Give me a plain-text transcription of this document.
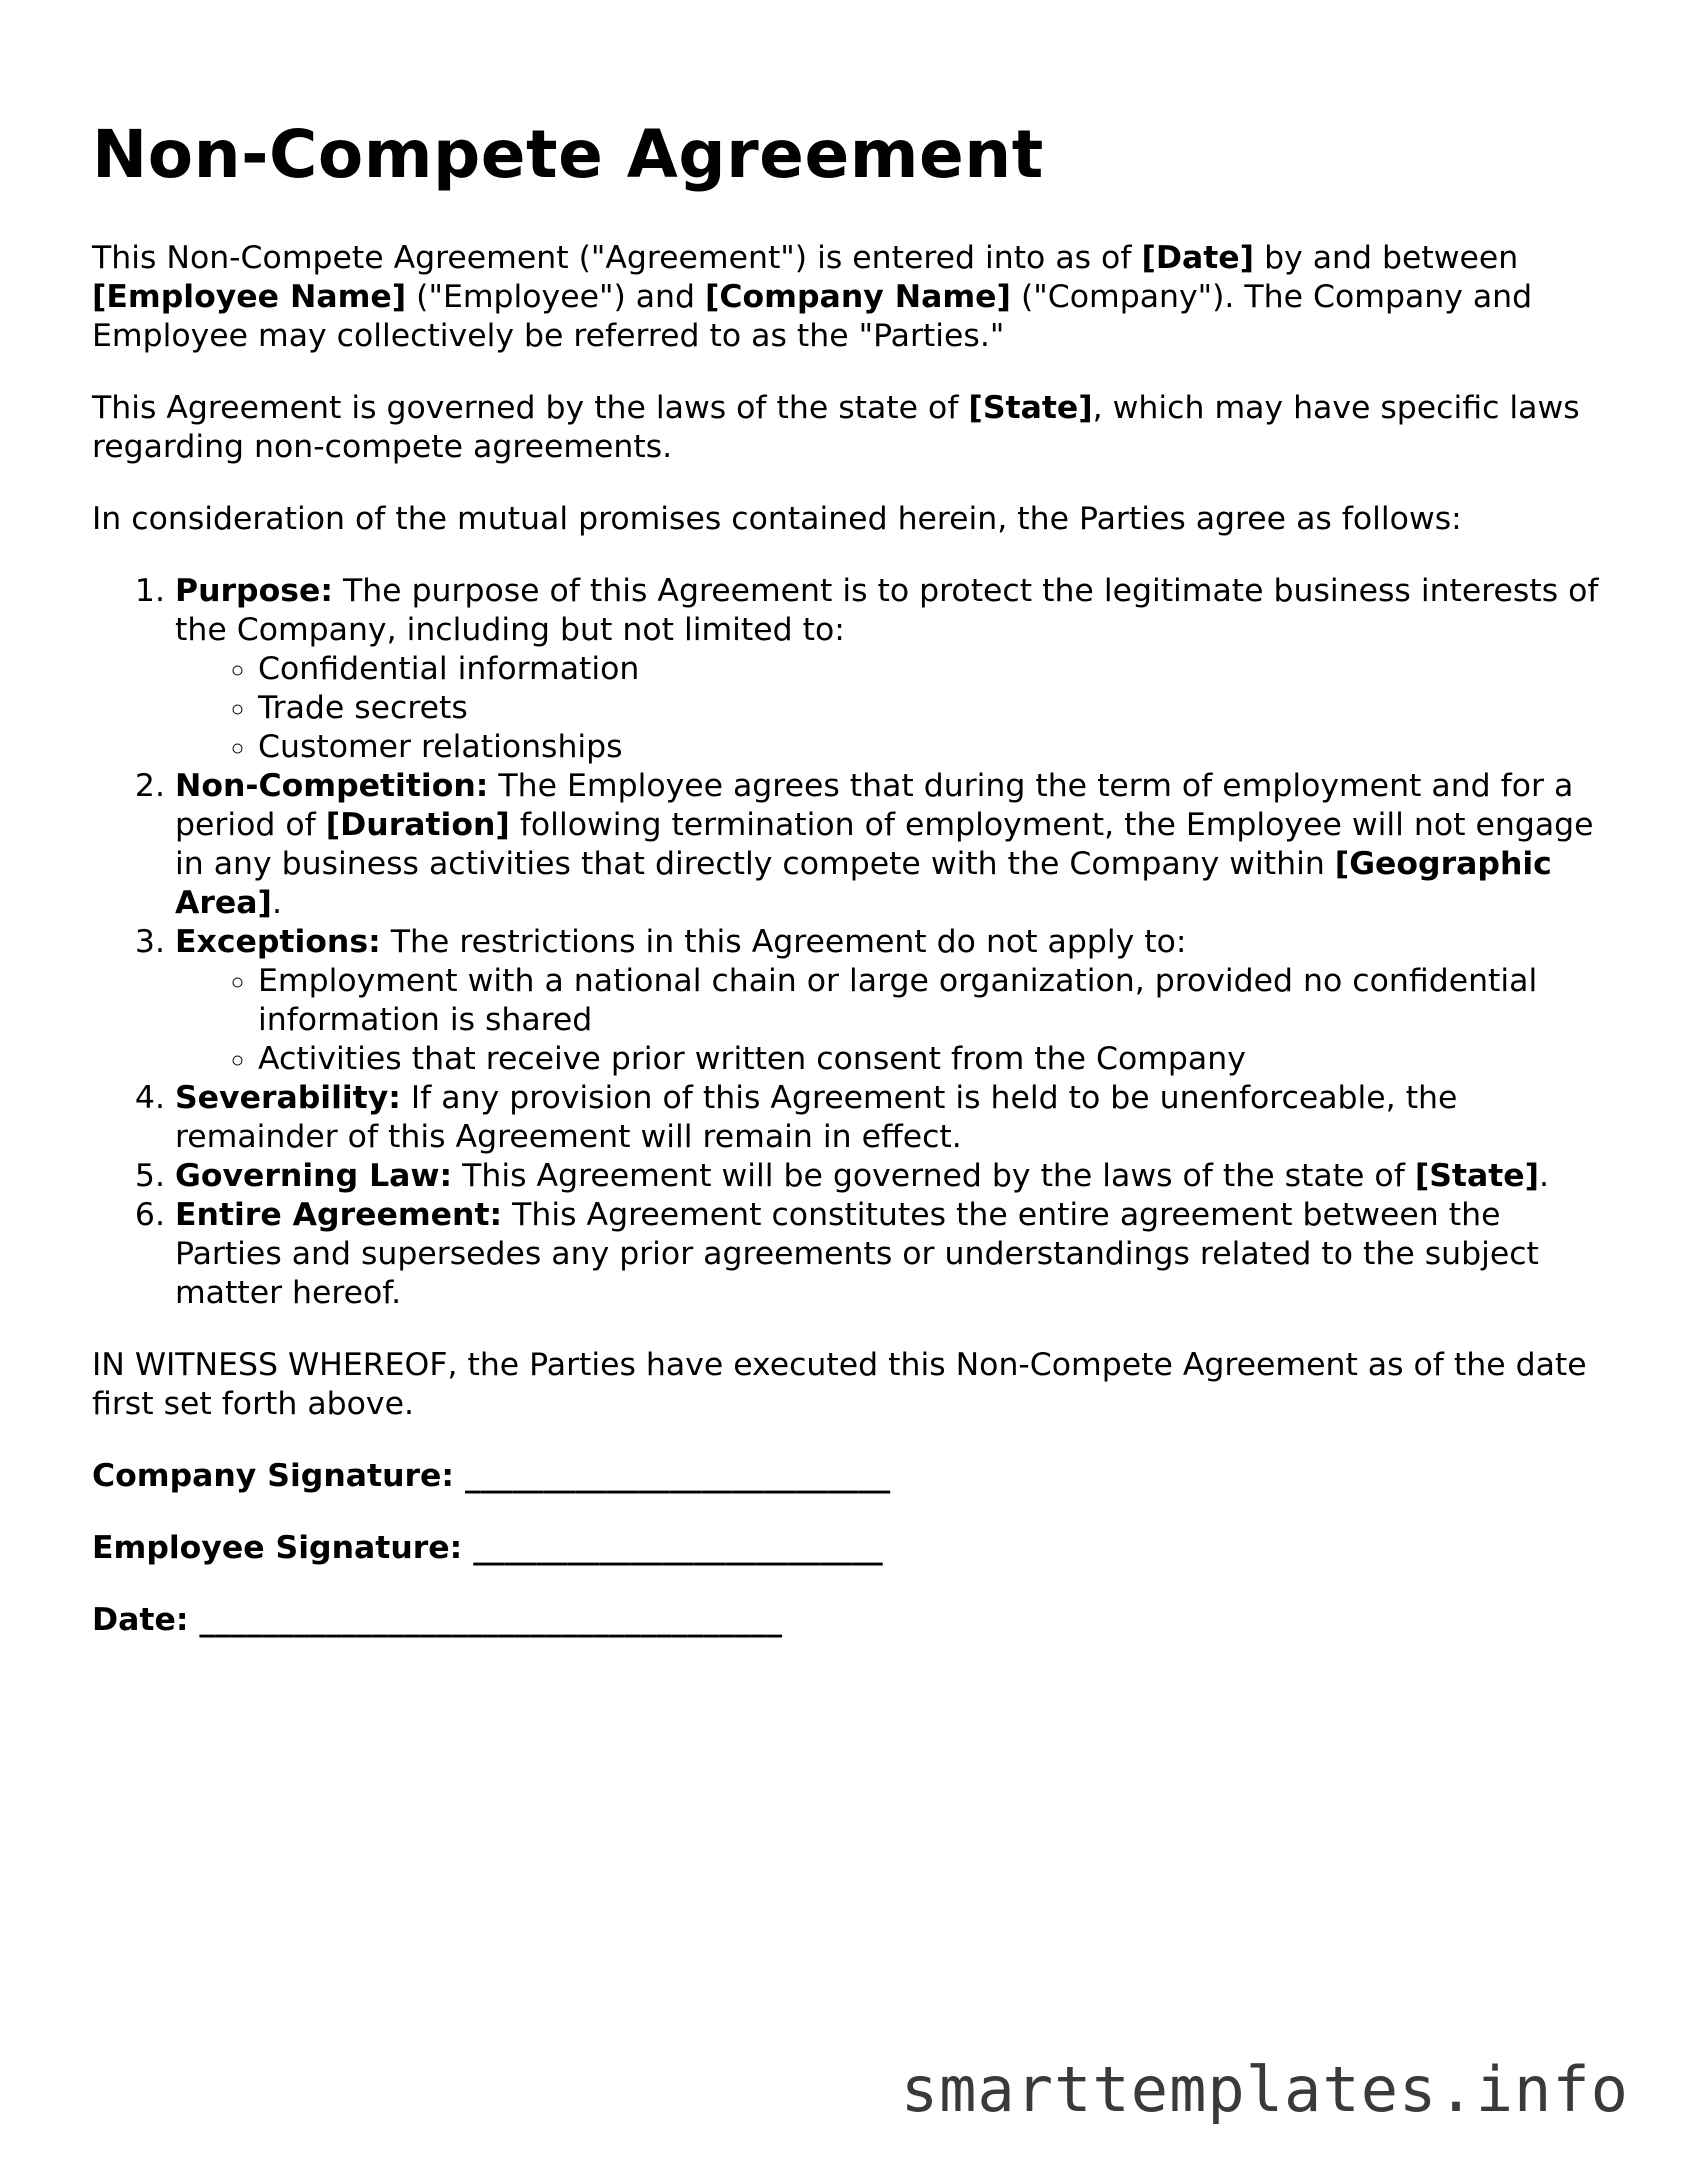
Non-Compete Agreement

This Non-Compete Agreement ("Agreement") is entered into as of [Date] by and between [Employee Name] ("Employee") and [Company Name] ("Company"). The Company and Employee may collectively be referred to as the "Parties."

This Agreement is governed by the laws of the state of [State], which may have specific laws regarding non-compete agreements.

In consideration of the mutual promises contained herein, the Parties agree as follows:

1. Purpose: The purpose of this Agreement is to protect the legitimate business interests of the Company, including but not limited to:
◦ Confidential information
◦ Trade secrets
◦ Customer relationships
2. Non-Competition: The Employee agrees that during the term of employment and for a period of [Duration] following termination of employment, the Employee will not engage in any business activities that directly compete with the Company within [Geographic Area].
3. Exceptions: The restrictions in this Agreement do not apply to:
◦ Employment with a national chain or large organization, provided no confidential information is shared
◦ Activities that receive prior written consent from the Company
4. Severability: If any provision of this Agreement is held to be unenforceable, the remainder of this Agreement will remain in effect.
5. Governing Law: This Agreement will be governed by the laws of the state of [State].
6. Entire Agreement: This Agreement constitutes the entire agreement between the Parties and supersedes any prior agreements or understandings related to the subject matter hereof.

IN WITNESS WHEREOF, the Parties have executed this Non-Compete Agreement as of the date first set forth above.

Company Signature: ___________________________
Employee Signature: __________________________
Date: _____________________________________
smarttemplates.info
